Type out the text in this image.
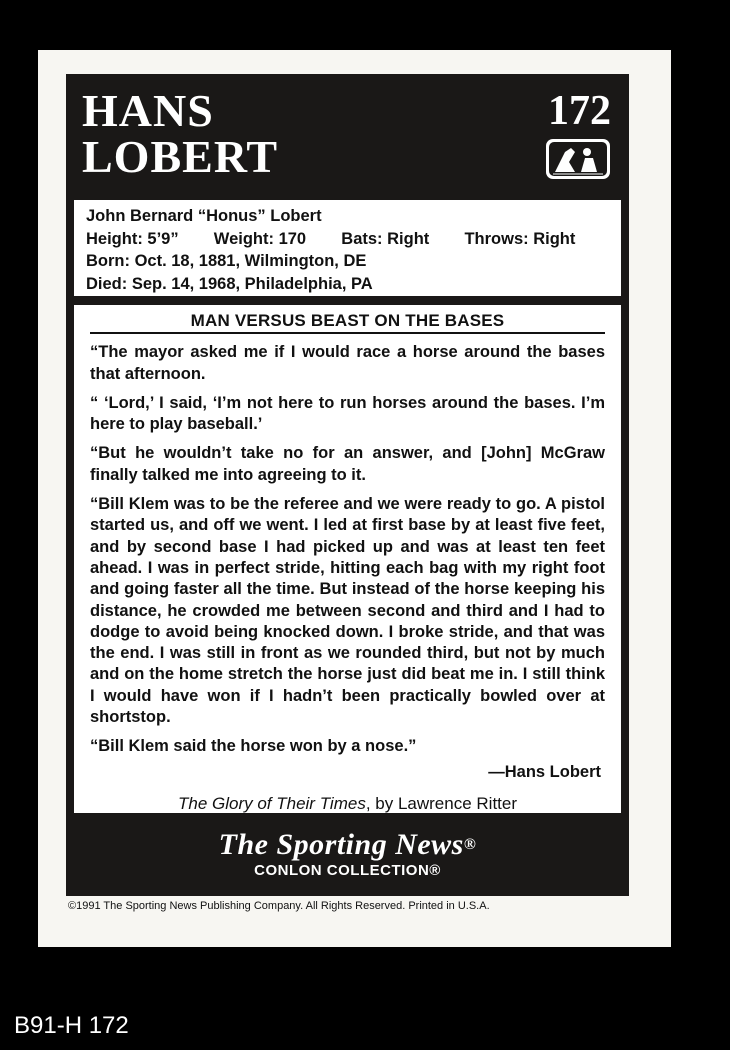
HANS
LOBERT
172
John Bernard “Honus” Lobert
Height: 5’9” Weight: 170 Bats: Right Throws: Right
Born: Oct. 18, 1881, Wilmington, DE
Died: Sep. 14, 1968, Philadelphia, PA
MAN VERSUS BEAST ON THE BASES
“The mayor asked me if I would race a horse around the bases that afternoon.
“ ‘Lord,’ I said, ‘I’m not here to run horses around the bases. I’m here to play baseball.’
“But he wouldn’t take no for an answer, and [John] McGraw finally talked me into agreeing to it.
“Bill Klem was to be the referee and we were ready to go. A pistol started us, and off we went. I led at first base by at least five feet, and by second base I had picked up and was at least ten feet ahead. I was in perfect stride, hitting each bag with my right foot and going faster all the time. But instead of the horse keeping his distance, he crowded me between second and third and I had to dodge to avoid being knocked down. I broke stride, and that was the end. I was still in front as we rounded third, but not by much and on the home stretch the horse just did beat me in. I still think I would have won if I hadn’t been practically bowled over at shortstop.
“Bill Klem said the horse won by a nose.”
—Hans Lobert
The Glory of Their Times, by Lawrence Ritter
The Sporting News®
CONLON COLLECTION®
©1991 The Sporting News Publishing Company. All Rights Reserved. Printed in U.S.A.
B91-H 172
